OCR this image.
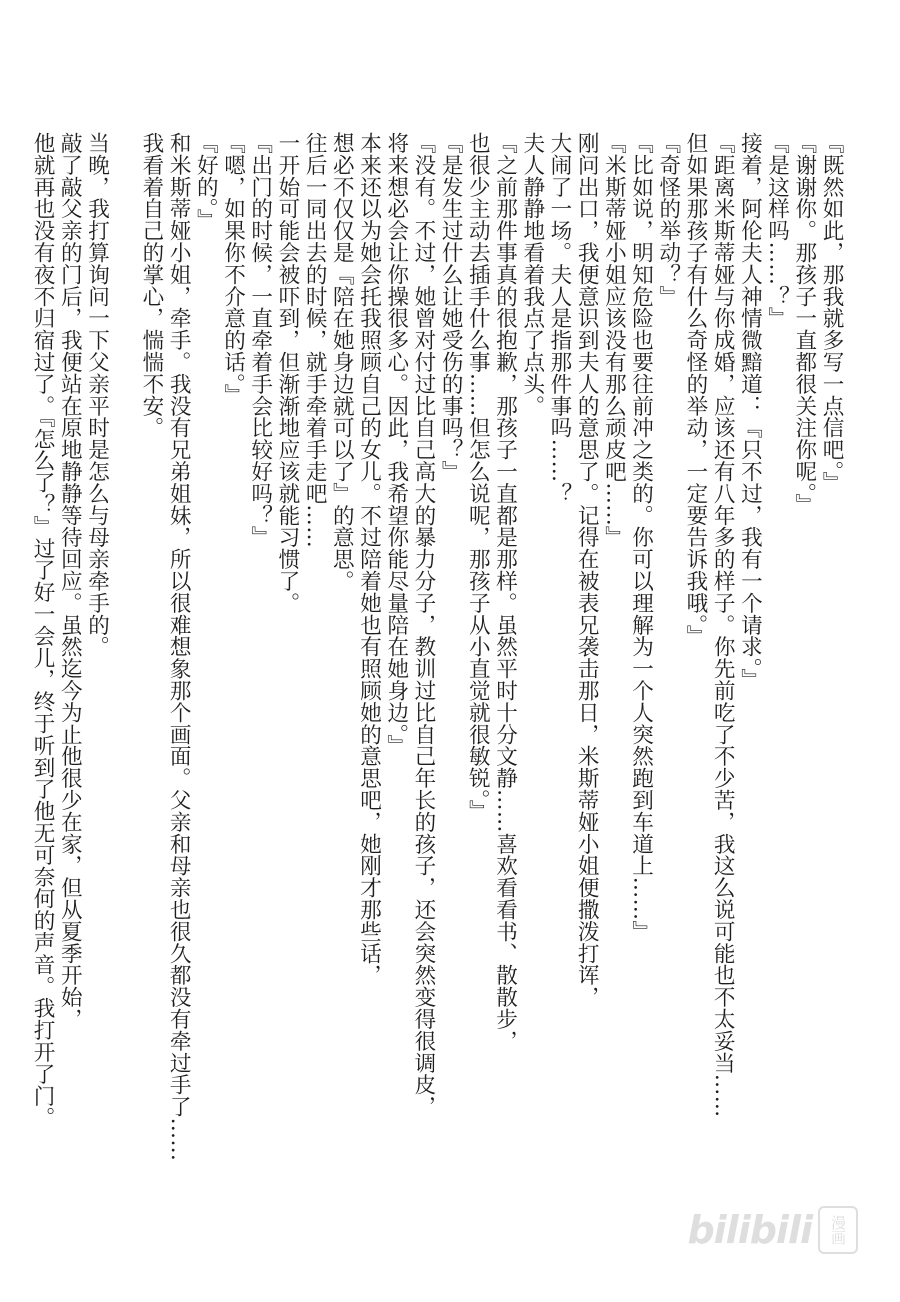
『既然如此，那我就多写一点信吧。』
『谢谢你。那孩子一直都很关注你呢。』
『是这样吗……？』
接着，阿伦夫人神情微黯道：『只不过，我有一个请求。』
『距离米斯蒂娅与你成婚，应该还有八年多的样子。你先前吃了不少苦，我这么说可能也不太妥当……
但如果那孩子有什么奇怪的举动，一定要告诉我哦。』
『奇怪的举动？』
『比如说，明知危险也要往前冲之类的。你可以理解为一个人突然跑到车道上……』
『米斯蒂娅小姐应该没有那么顽皮吧……』
刚问出口，我便意识到夫人的意思了。记得在被表兄袭击那日，米斯蒂娅小姐便撒泼打诨，
大闹了一场。夫人是指那件事吗……？
夫人静静地看着我点了点头。
『之前那件事真的很抱歉，那孩子一直都是那样。虽然平时十分文静……喜欢看看书、散散步，
也很少主动去插手什么事……但怎么说呢，那孩子从小直觉就很敏锐。』
『是发生过什么让她受伤的事吗？』
『没有。不过，她曾对付过比自己高大的暴力分子，教训过比自己年长的孩子，还会突然变得很调皮，
将来想必会让你操很多心。因此，我希望你能尽量陪在她身边。』
本来还以为她会托我照顾自己的女儿。不过陪着她也有照顾她的意思吧，她刚才那些话，
想必不仅仅是『陪在她身边就可以了』的意思。
往后一同出去的时候，就手牵着手走吧……
一开始可能会被吓到，但渐渐地应该就能习惯了。
『出门的时候，一直牵着手会比较好吗？』
『嗯，如果你不介意的话。』
『好的。』
和米斯蒂娅小姐，牵手。我没有兄弟姐妹，所以很难想象那个画面。父亲和母亲也很久都没有牵过手了……
我看着自己的掌心，惴惴不安。

当晚，我打算询问一下父亲平时是怎么与母亲牵手的。
敲了敲父亲的门后，我便站在原地静静等待回应。虽然迄今为止他很少在家，但从夏季开始，
他就再也没有夜不归宿过了。『怎么了？』过了好一会儿，终于听到了他无可奈何的声音。我打开了门。
bilibili	漫画
